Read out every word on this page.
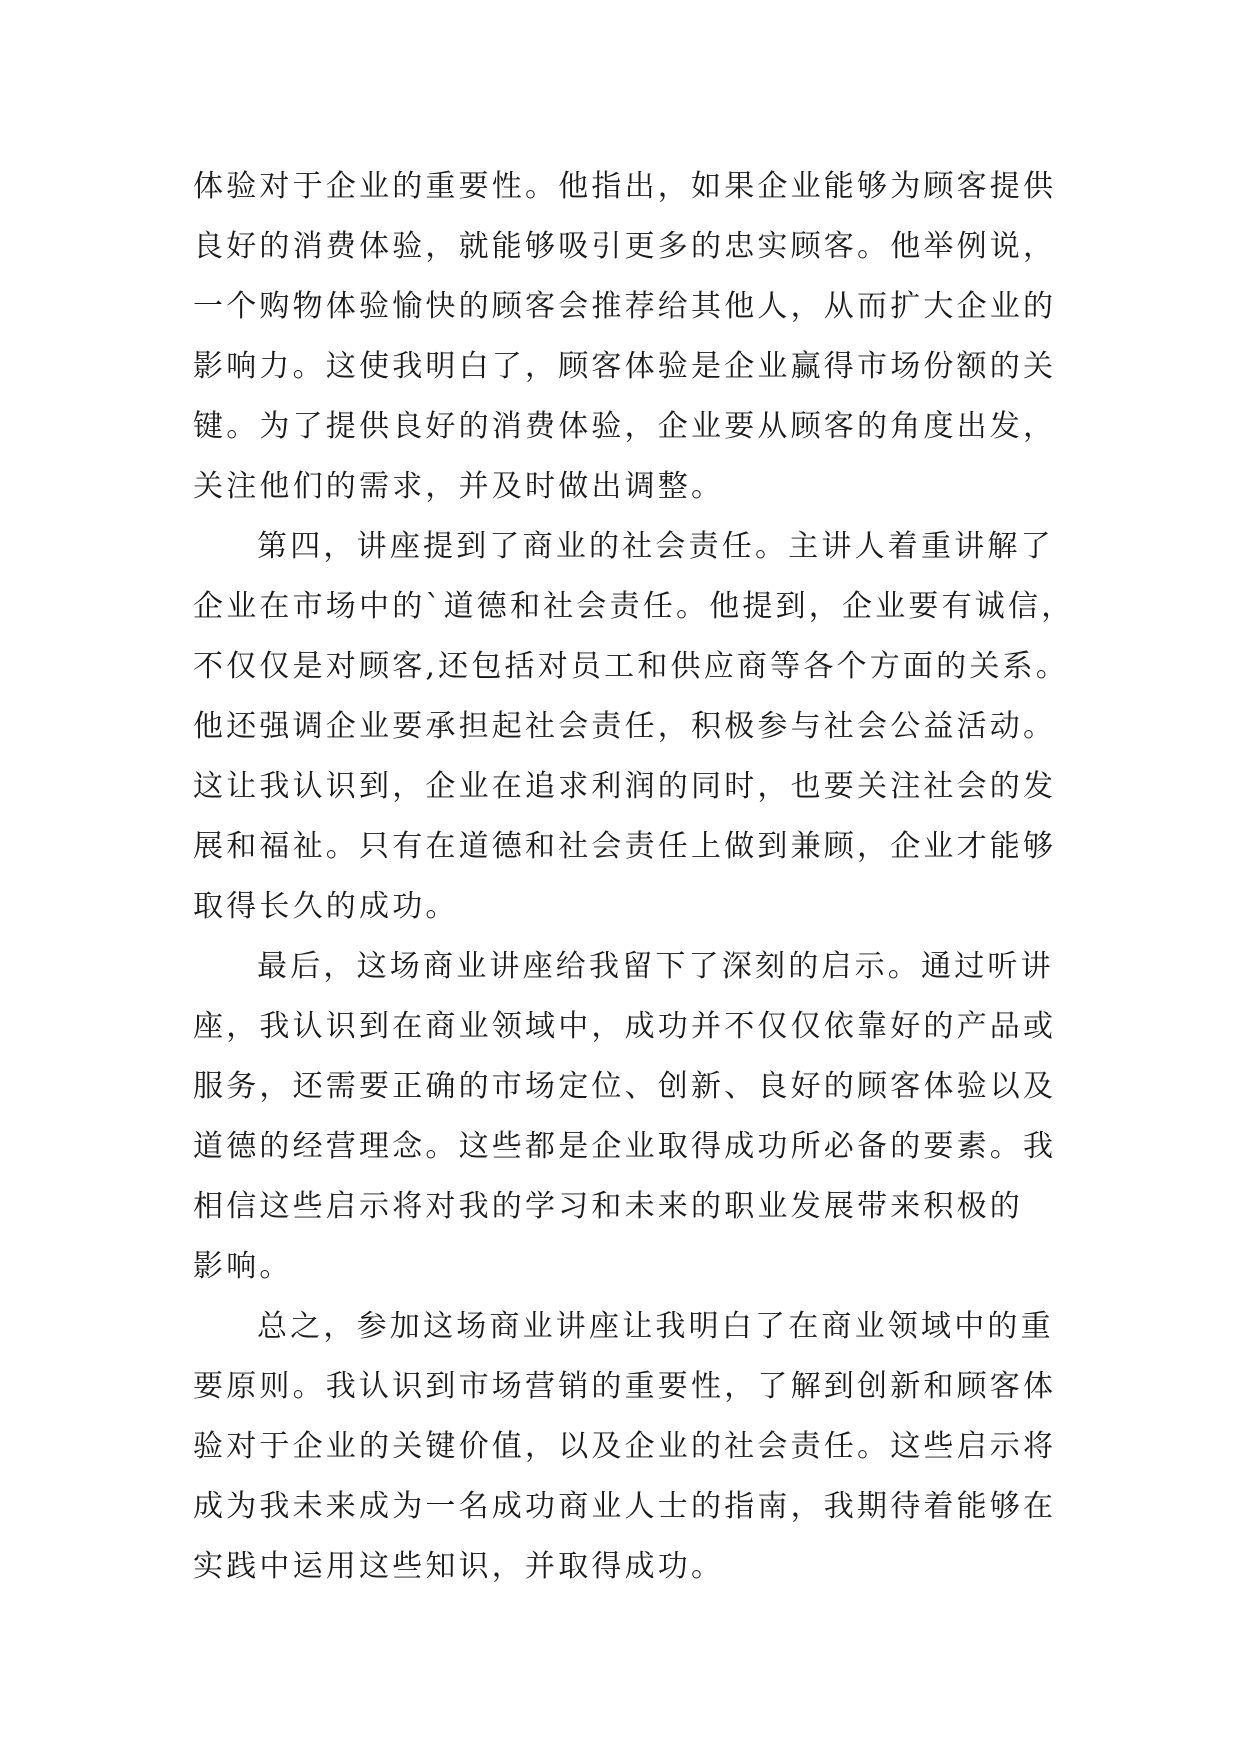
体验对于企业的重要性。他指出，如果企业能够为顾客提供
良好的消费体验，就能够吸引更多的忠实顾客。他举例说，
一个购物体验愉快的顾客会推荐给其他人，从而扩大企业的
影响力。这使我明白了，顾客体验是企业赢得市场份额的关
键。为了提供良好的消费体验，企业要从顾客的角度出发，
关注他们的需求，并及时做出调整。
第四，讲座提到了商业的社会责任。主讲人着重讲解了
企业在市场中的`道德和社会责任。他提到，企业要有诚信，
不仅仅是对顾客,还包括对员工和供应商等各个方面的关系。
他还强调企业要承担起社会责任，积极参与社会公益活动。
这让我认识到，企业在追求利润的同时，也要关注社会的发
展和福祉。只有在道德和社会责任上做到兼顾，企业才能够
取得长久的成功。
最后，这场商业讲座给我留下了深刻的启示。通过听讲
座，我认识到在商业领域中，成功并不仅仅依靠好的产品或
服务，还需要正确的市场定位、创新、良好的顾客体验以及
道德的经营理念。这些都是企业取得成功所必备的要素。我
相信这些启示将对我的学习和未来的职业发展带来积极的
影响。
总之，参加这场商业讲座让我明白了在商业领域中的重
要原则。我认识到市场营销的重要性，了解到创新和顾客体
验对于企业的关键价值，以及企业的社会责任。这些启示将
成为我未来成为一名成功商业人士的指南，我期待着能够在
实践中运用这些知识，并取得成功。
